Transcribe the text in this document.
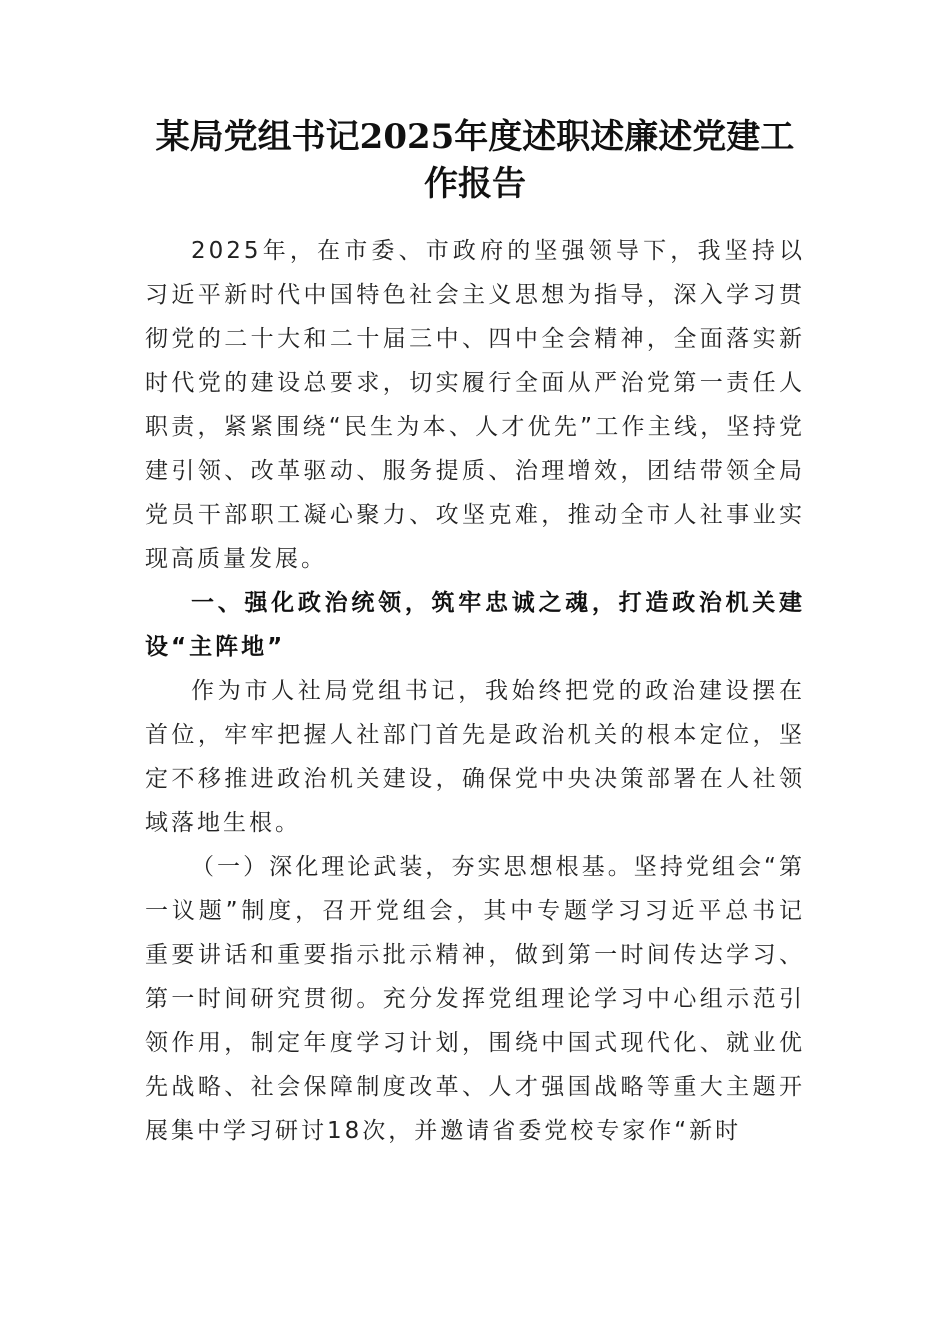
某局党组书记2025年度述职述廉述党建工作报告

2025年，在市委、市政府的坚强领导下，我坚持以习近平新时代中国特色社会主义思想为指导，深入学习贯彻党的二十大和二十届三中、四中全会精神，全面落实新时代党的建设总要求，切实履行全面从严治党第一责任人职责，紧紧围绕“民生为本、人才优先”工作主线，坚持党建引领、改革驱动、服务提质、治理增效，团结带领全局党员干部职工凝心聚力、攻坚克难，推动全市人社事业实现高质量发展。

一、强化政治统领，筑牢忠诚之魂，打造政治机关建设“主阵地”

作为市人社局党组书记，我始终把党的政治建设摆在首位，牢牢把握人社部门首先是政治机关的根本定位，坚定不移推进政治机关建设，确保党中央决策部署在人社领域落地生根。

（一）深化理论武装，夯实思想根基。坚持党组会“第一议题”制度，召开党组会，其中专题学习习近平总书记重要讲话和重要指示批示精神，做到第一时间传达学习、第一时间研究贯彻。充分发挥党组理论学习中心组示范引领作用，制定年度学习计划，围绕中国式现代化、就业优先战略、社会保障制度改革、人才强国战略等重大主题开展集中学习研讨18次，并邀请省委党校专家作“新时
